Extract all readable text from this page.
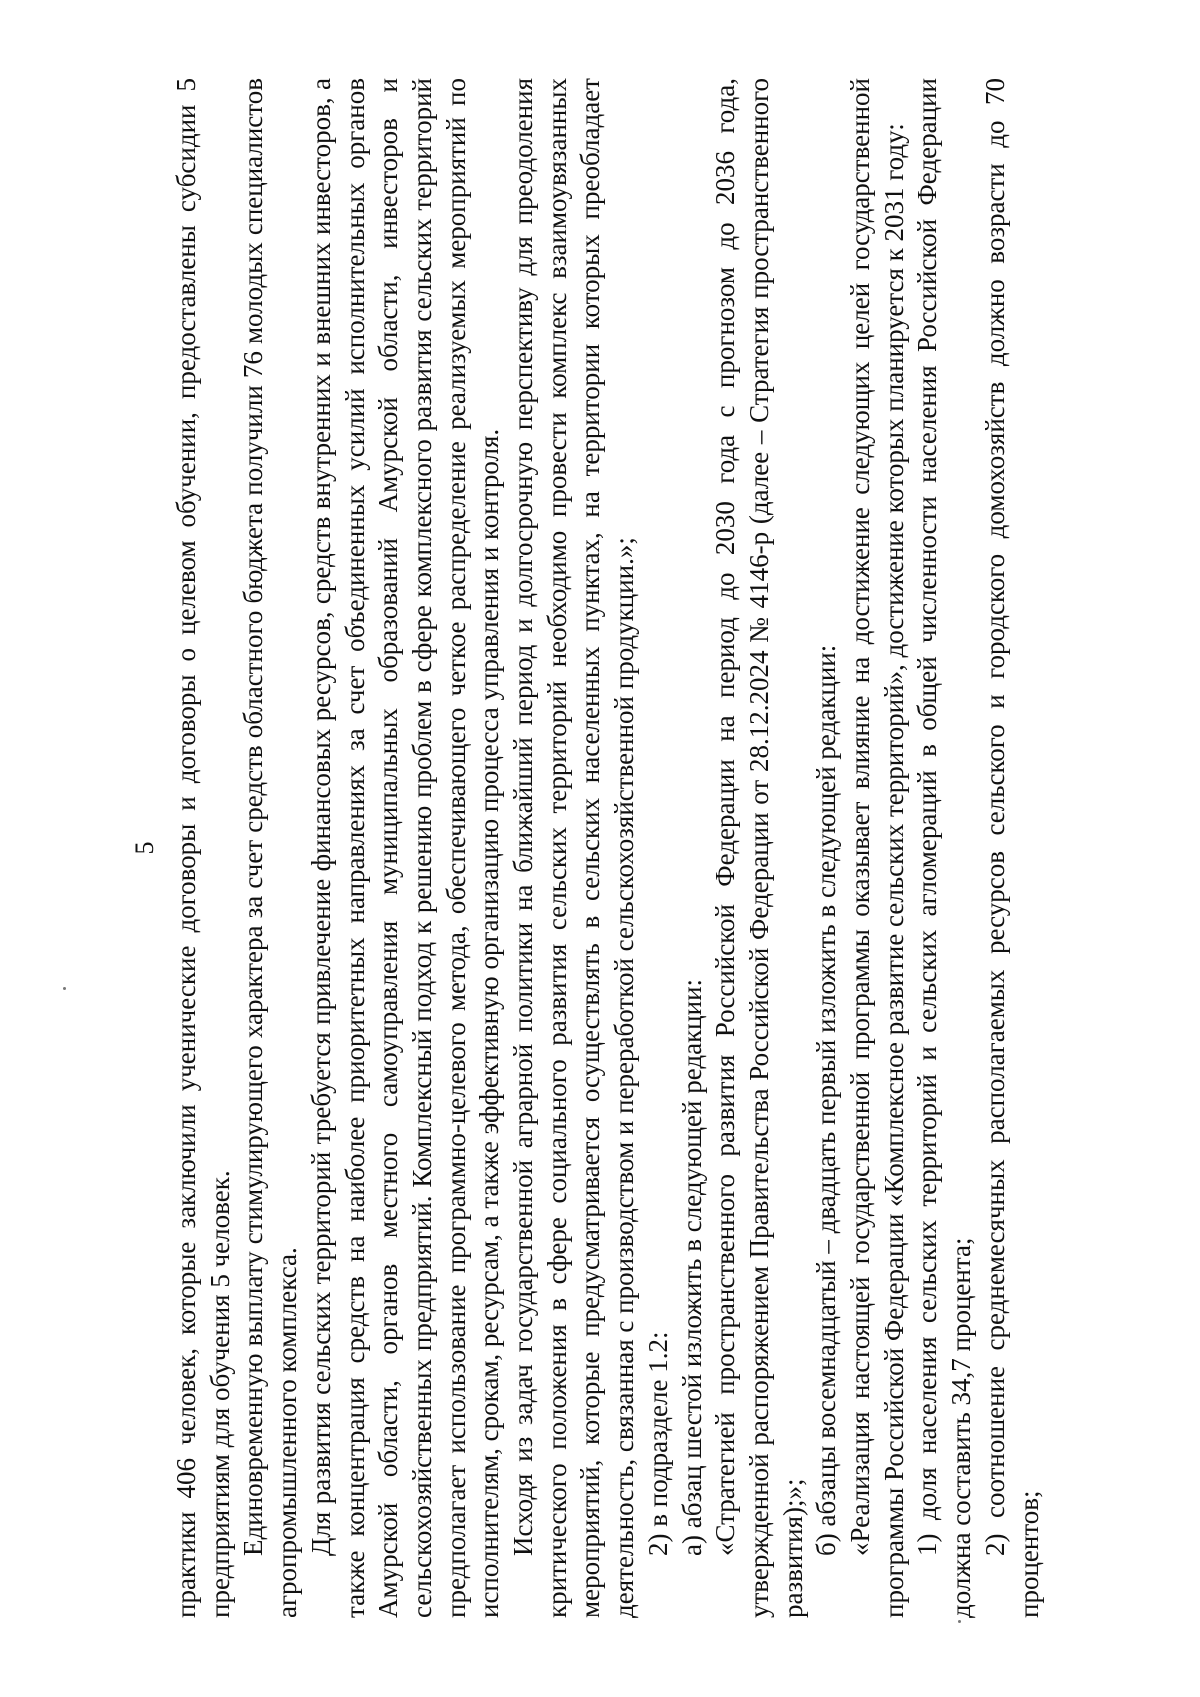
5 практики 406 человек, которые заключили ученические договоры и договоры о целевом обучении, предоставлены субсидии 5 предприятиям для обучения 5 человек. Единовременную выплату стимулирующего характера за счет средств областного бюджета получили 76 молодых специалистов агропромышленного комплекса. Для развития сельских территорий требуется привлечение финансовых ресурсов, средств внутренних и внешних инвесторов, а также концентрация средств на наиболее приоритетных направлениях за счет объединенных усилий исполнительных органов Амурской области, органов местного самоуправления муниципальных образований Амурской области, инвесторов и сельскохозяйственных предприятий. Комплексный подход к решению проблем в сфере комплексного развития сельских территорий предполагает использование программно-целевого метода, обеспечивающего четкое распределение реализуемых мероприятий по исполнителям, срокам, ресурсам, а также эффективную организацию процесса управления и контроля. Исходя из задач государственной аграрной политики на ближайший период и долгосрочную перспективу для преодоления критического положения в сфере социального развития сельских территорий необходимо провести комплекс взаимоувязанных мероприятий, которые предусматривается осуществлять в сельских населенных пунктах, на территории которых преобладает деятельность, связанная с производством и переработкой сельскохозяйственной продукции.»; 2) в подразделе 1.2: а) абзац шестой изложить в следующей редакции: «Стратегией пространственного развития Российской Федерации на период до 2030 года с прогнозом до 2036 года, утвержденной распоряжением Правительства Российской Федерации от 28.12.2024 № 4146-р (далее – Стратегия пространственного развития);»; б) абзацы восемнадцатый – двадцать первый изложить в следующей редакции: «Реализация настоящей государственной программы оказывает влияние на достижение следующих целей государственной программы Российской Федерации «Комплексное развитие сельских территорий», достижение которых планируется к 2031 году: 1) доля населения сельских территорий и сельских агломераций в общей численности населения Российской Федерации должна составить 34,7 процента; 2) соотношение среднемесячных располагаемых ресурсов сельского и городского домохозяйств должно возрасти до 70 процентов;
